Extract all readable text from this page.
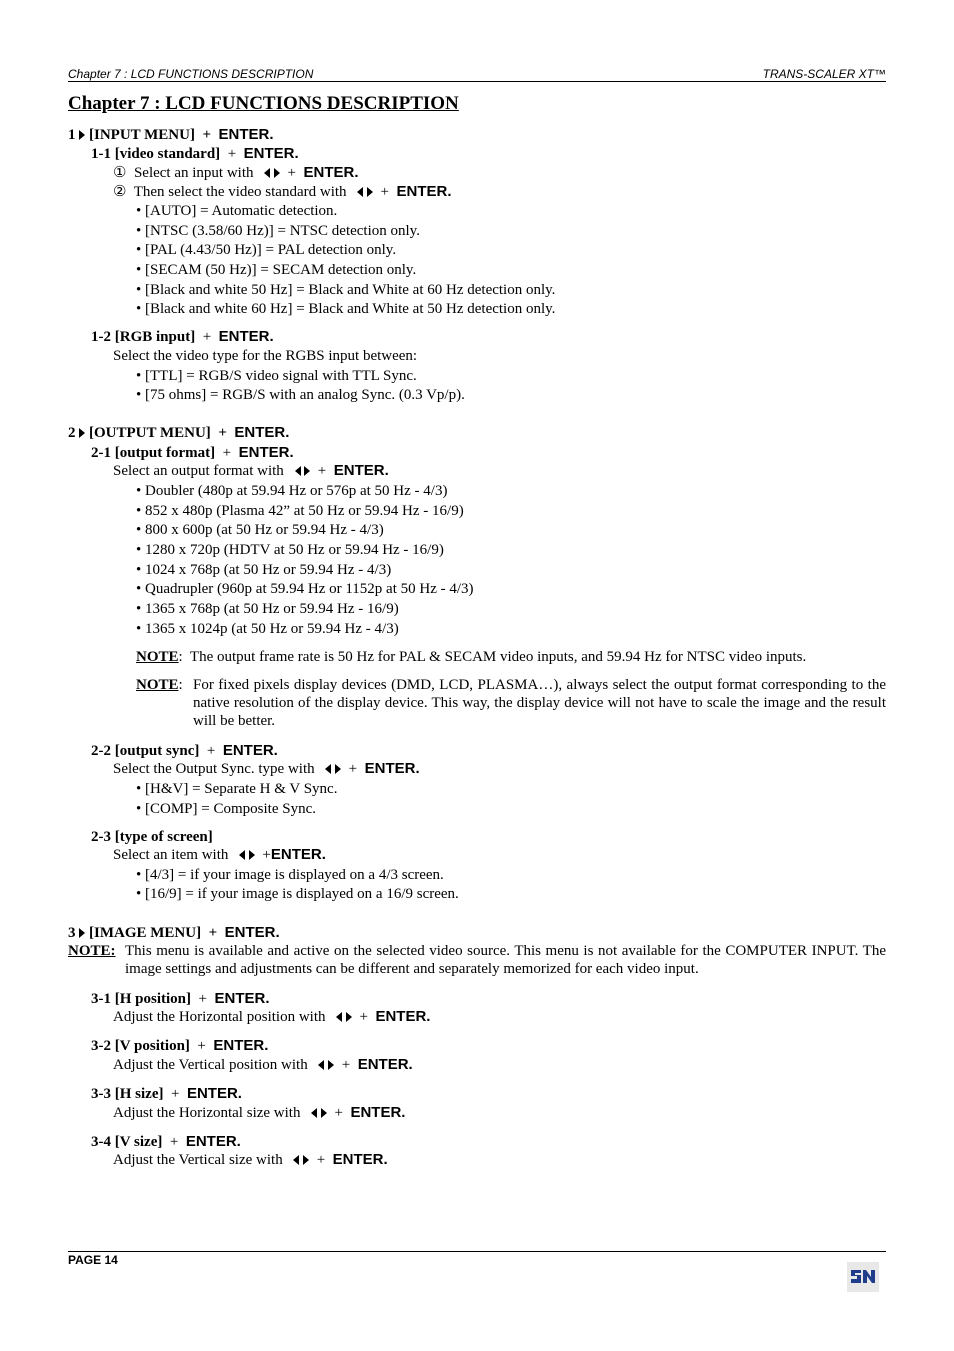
Chapter 7 : LCD FUNCTIONS DESCRIPTION	TRANS-SCALER XT™
Chapter 7 : LCD FUNCTIONS DESCRIPTION
1 [INPUT MENU]  +  ENTER.
1-1 [video standard]  +  ENTER.
① Select an input with    +  ENTER.
② Then select the video standard with    +  ENTER.
• [AUTO] = Automatic detection.
• [NTSC (3.58/60 Hz)] = NTSC detection only.
• [PAL (4.43/50 Hz)] = PAL detection only.
• [SECAM (50 Hz)] = SECAM detection only.
• [Black and white 50 Hz] = Black and White at 60 Hz detection only.
• [Black and white 60 Hz] = Black and White at 50 Hz detection only.
1-2 [RGB input]  +  ENTER.
Select the video type for the RGBS input between:
• [TTL] = RGB/S video signal with TTL Sync.
• [75 ohms] = RGB/S with an analog Sync. (0.3 Vp/p).
2 [OUTPUT MENU]  +  ENTER.
2-1 [output format]  +  ENTER.
Select an output format with    +  ENTER.
• Doubler (480p at 59.94 Hz or 576p at 50 Hz - 4/3)
• 852 x 480p (Plasma 42” at 50 Hz or 59.94 Hz - 16/9)
• 800 x 600p (at 50 Hz or 59.94 Hz - 4/3)
• 1280 x 720p (HDTV at 50 Hz or 59.94 Hz - 16/9)
• 1024 x 768p (at 50 Hz or 59.94 Hz - 4/3)
• Quadrupler (960p at 59.94 Hz or 1152p at 50 Hz - 4/3)
• 1365 x 768p (at 50 Hz or 59.94 Hz - 16/9)
• 1365 x 1024p (at 50 Hz or 59.94 Hz - 4/3)
NOTE:  The output frame rate is 50 Hz for PAL & SECAM video inputs, and 59.94 Hz for NTSC video inputs.
NOTE: For fixed pixels display devices (DMD, LCD, PLASMA…), always select the output format corresponding to the native resolution of the display device. This way, the display device will not have to scale the image and the result will be better.
2-2 [output sync]  +  ENTER.
Select the Output Sync. type with    +  ENTER.
• [H&V] = Separate H & V Sync.
• [COMP] = Composite Sync.
2-3 [type of screen]
Select an item with    +ENTER.
• [4/3] = if your image is displayed on a 4/3 screen.
• [16/9] = if your image is displayed on a 16/9 screen.
3 [IMAGE MENU]  +  ENTER.
NOTE: This menu is available and active on the selected video source. This menu is not available for the COMPUTER INPUT. The image settings and adjustments can be different and separately memorized for each video input.
3-1 [H position]  +  ENTER.
Adjust the Horizontal position with    +  ENTER.
3-2 [V position]  +  ENTER.
Adjust the Vertical position with    +  ENTER.
3-3 [H size]  +  ENTER.
Adjust the Horizontal size with    +  ENTER.
3-4 [V size]  +  ENTER.
Adjust the Vertical size with    +  ENTER.
PAGE 14
